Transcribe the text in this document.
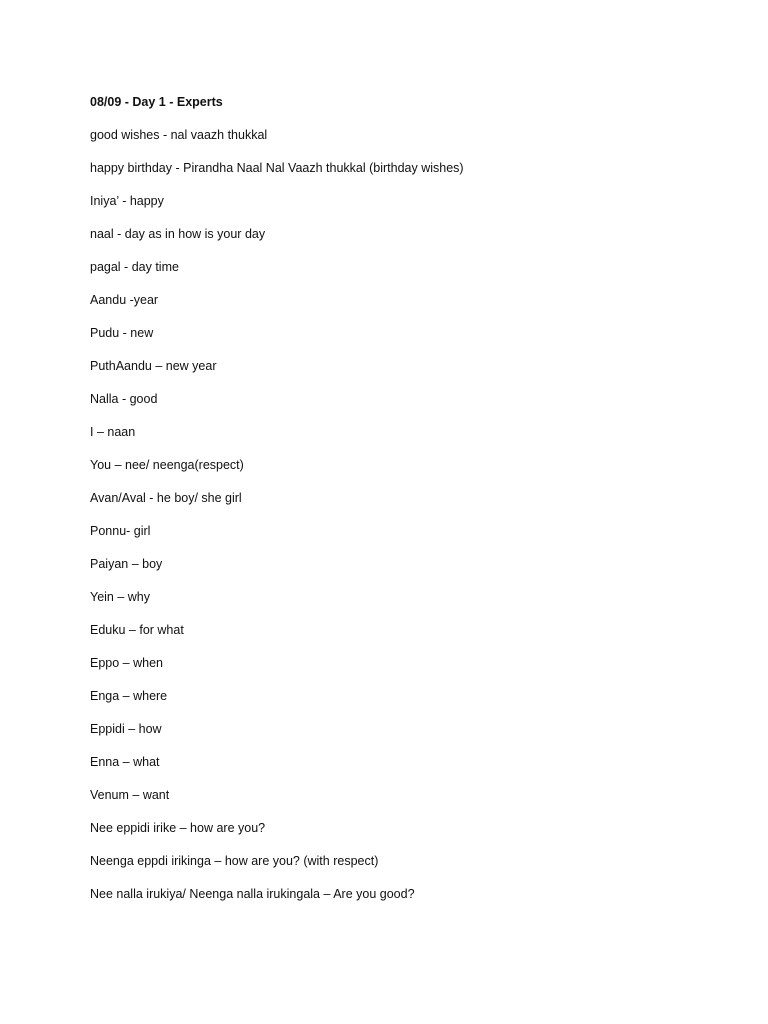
08/09 - Day 1 - Experts
good wishes - nal vaazh thukkal
happy birthday - Pirandha Naal Nal Vaazh thukkal (birthday wishes)
Iniya’ - happy
naal - day as in how is your day
pagal - day time
Aandu -year
Pudu - new
PuthAandu – new year
Nalla - good
I – naan
You – nee/ neenga(respect)
Avan/Aval - he boy/ she girl
Ponnu- girl
Paiyan – boy
Yein – why
Eduku – for what
Eppo – when
Enga – where
Eppidi – how
Enna – what
Venum – want
Nee eppidi irike – how are you?
Neenga eppdi irikinga – how are you? (with respect)
Nee nalla irukiya/ Neenga nalla irukingala – Are you good?
